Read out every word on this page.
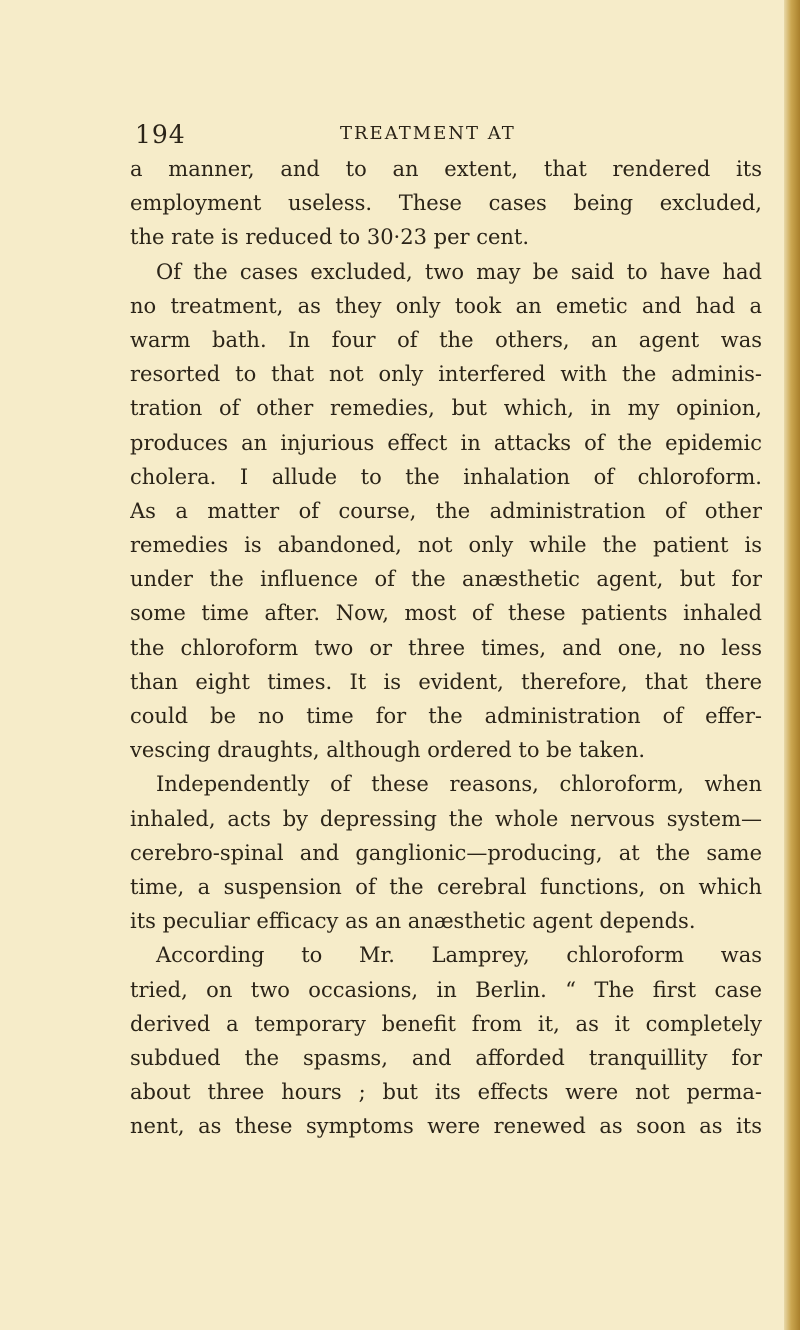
194	TREATMENT AT
a manner, and to an extent, that rendered its
employment useless. These cases being excluded,
the rate is reduced to 30·23 per cent.
Of the cases excluded, two may be said to have had
no treatment, as they only took an emetic and had a
warm bath. In four of the others, an agent was
resorted to that not only interfered with the adminis-
tration of other remedies, but which, in my opinion,
produces an injurious effect in attacks of the epidemic
cholera. I allude to the inhalation of chloroform.
As a matter of course, the administration of other
remedies is abandoned, not only while the patient is
under the influence of the anæsthetic agent, but for
some time after. Now, most of these patients inhaled
the chloroform two or three times, and one, no less
than eight times. It is evident, therefore, that there
could be no time for the administration of effer-
vescing draughts, although ordered to be taken.
Independently of these reasons, chloroform, when
inhaled, acts by depressing the whole nervous system—
cerebro-spinal and ganglionic—producing, at the same
time, a suspension of the cerebral functions, on which
its peculiar efficacy as an anæsthetic agent depends.
According to Mr. Lamprey, chloroform was
tried, on two occasions, in Berlin. “ The first case
derived a temporary benefit from it, as it completely
subdued the spasms, and afforded tranquillity for
about three hours ; but its effects were not perma-
nent, as these symptoms were renewed as soon as its
